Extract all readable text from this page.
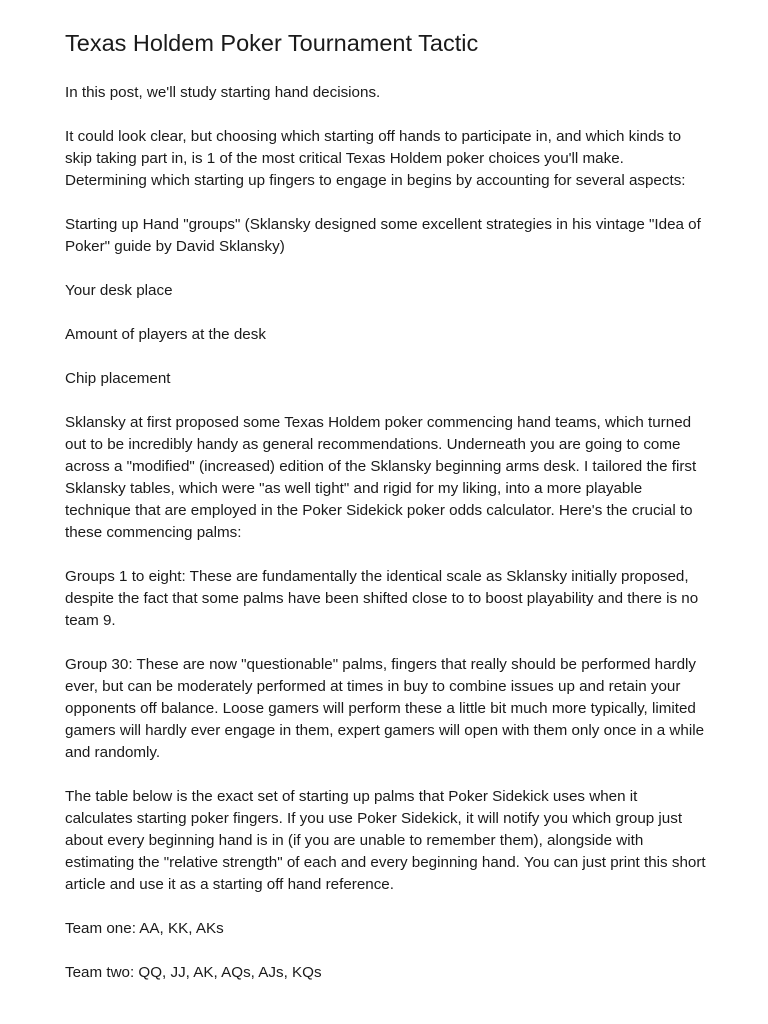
Texas Holdem Poker Tournament Tactic

In this post, we'll study starting hand decisions.

It could look clear, but choosing which starting off hands to participate in, and which kinds to skip taking part in, is 1 of the most critical Texas Holdem poker choices you'll make. Determining which starting up fingers to engage in begins by accounting for several aspects:

Starting up Hand "groups" (Sklansky designed some excellent strategies in his vintage "Idea of Poker" guide by David Sklansky)

Your desk place

Amount of players at the desk

Chip placement

Sklansky at first proposed some Texas Holdem poker commencing hand teams, which turned out to be incredibly handy as general recommendations. Underneath you are going to come across a "modified" (increased) edition of the Sklansky beginning arms desk. I tailored the first Sklansky tables, which were "as well tight" and rigid for my liking, into a more playable technique that are employed in the Poker Sidekick poker odds calculator. Here's the crucial to these commencing palms:

Groups 1 to eight: These are fundamentally the identical scale as Sklansky initially proposed, despite the fact that some palms have been shifted close to to boost playability and there is no team 9.

Group 30: These are now "questionable" palms, fingers that really should be performed hardly ever, but can be moderately performed at times in buy to combine issues up and retain your opponents off balance. Loose gamers will perform these a little bit much more typically, limited gamers will hardly ever engage in them, expert gamers will open with them only once in a while and randomly.

The table below is the exact set of starting up palms that Poker Sidekick uses when it calculates starting poker fingers. If you use Poker Sidekick, it will notify you which group just about every beginning hand is in (if you are unable to remember them), alongside with estimating the "relative strength" of each and every beginning hand. You can just print this short article and use it as a starting off hand reference.

Team one: AA, KK, AKs

Team two: QQ, JJ, AK, AQs, AJs, KQs
